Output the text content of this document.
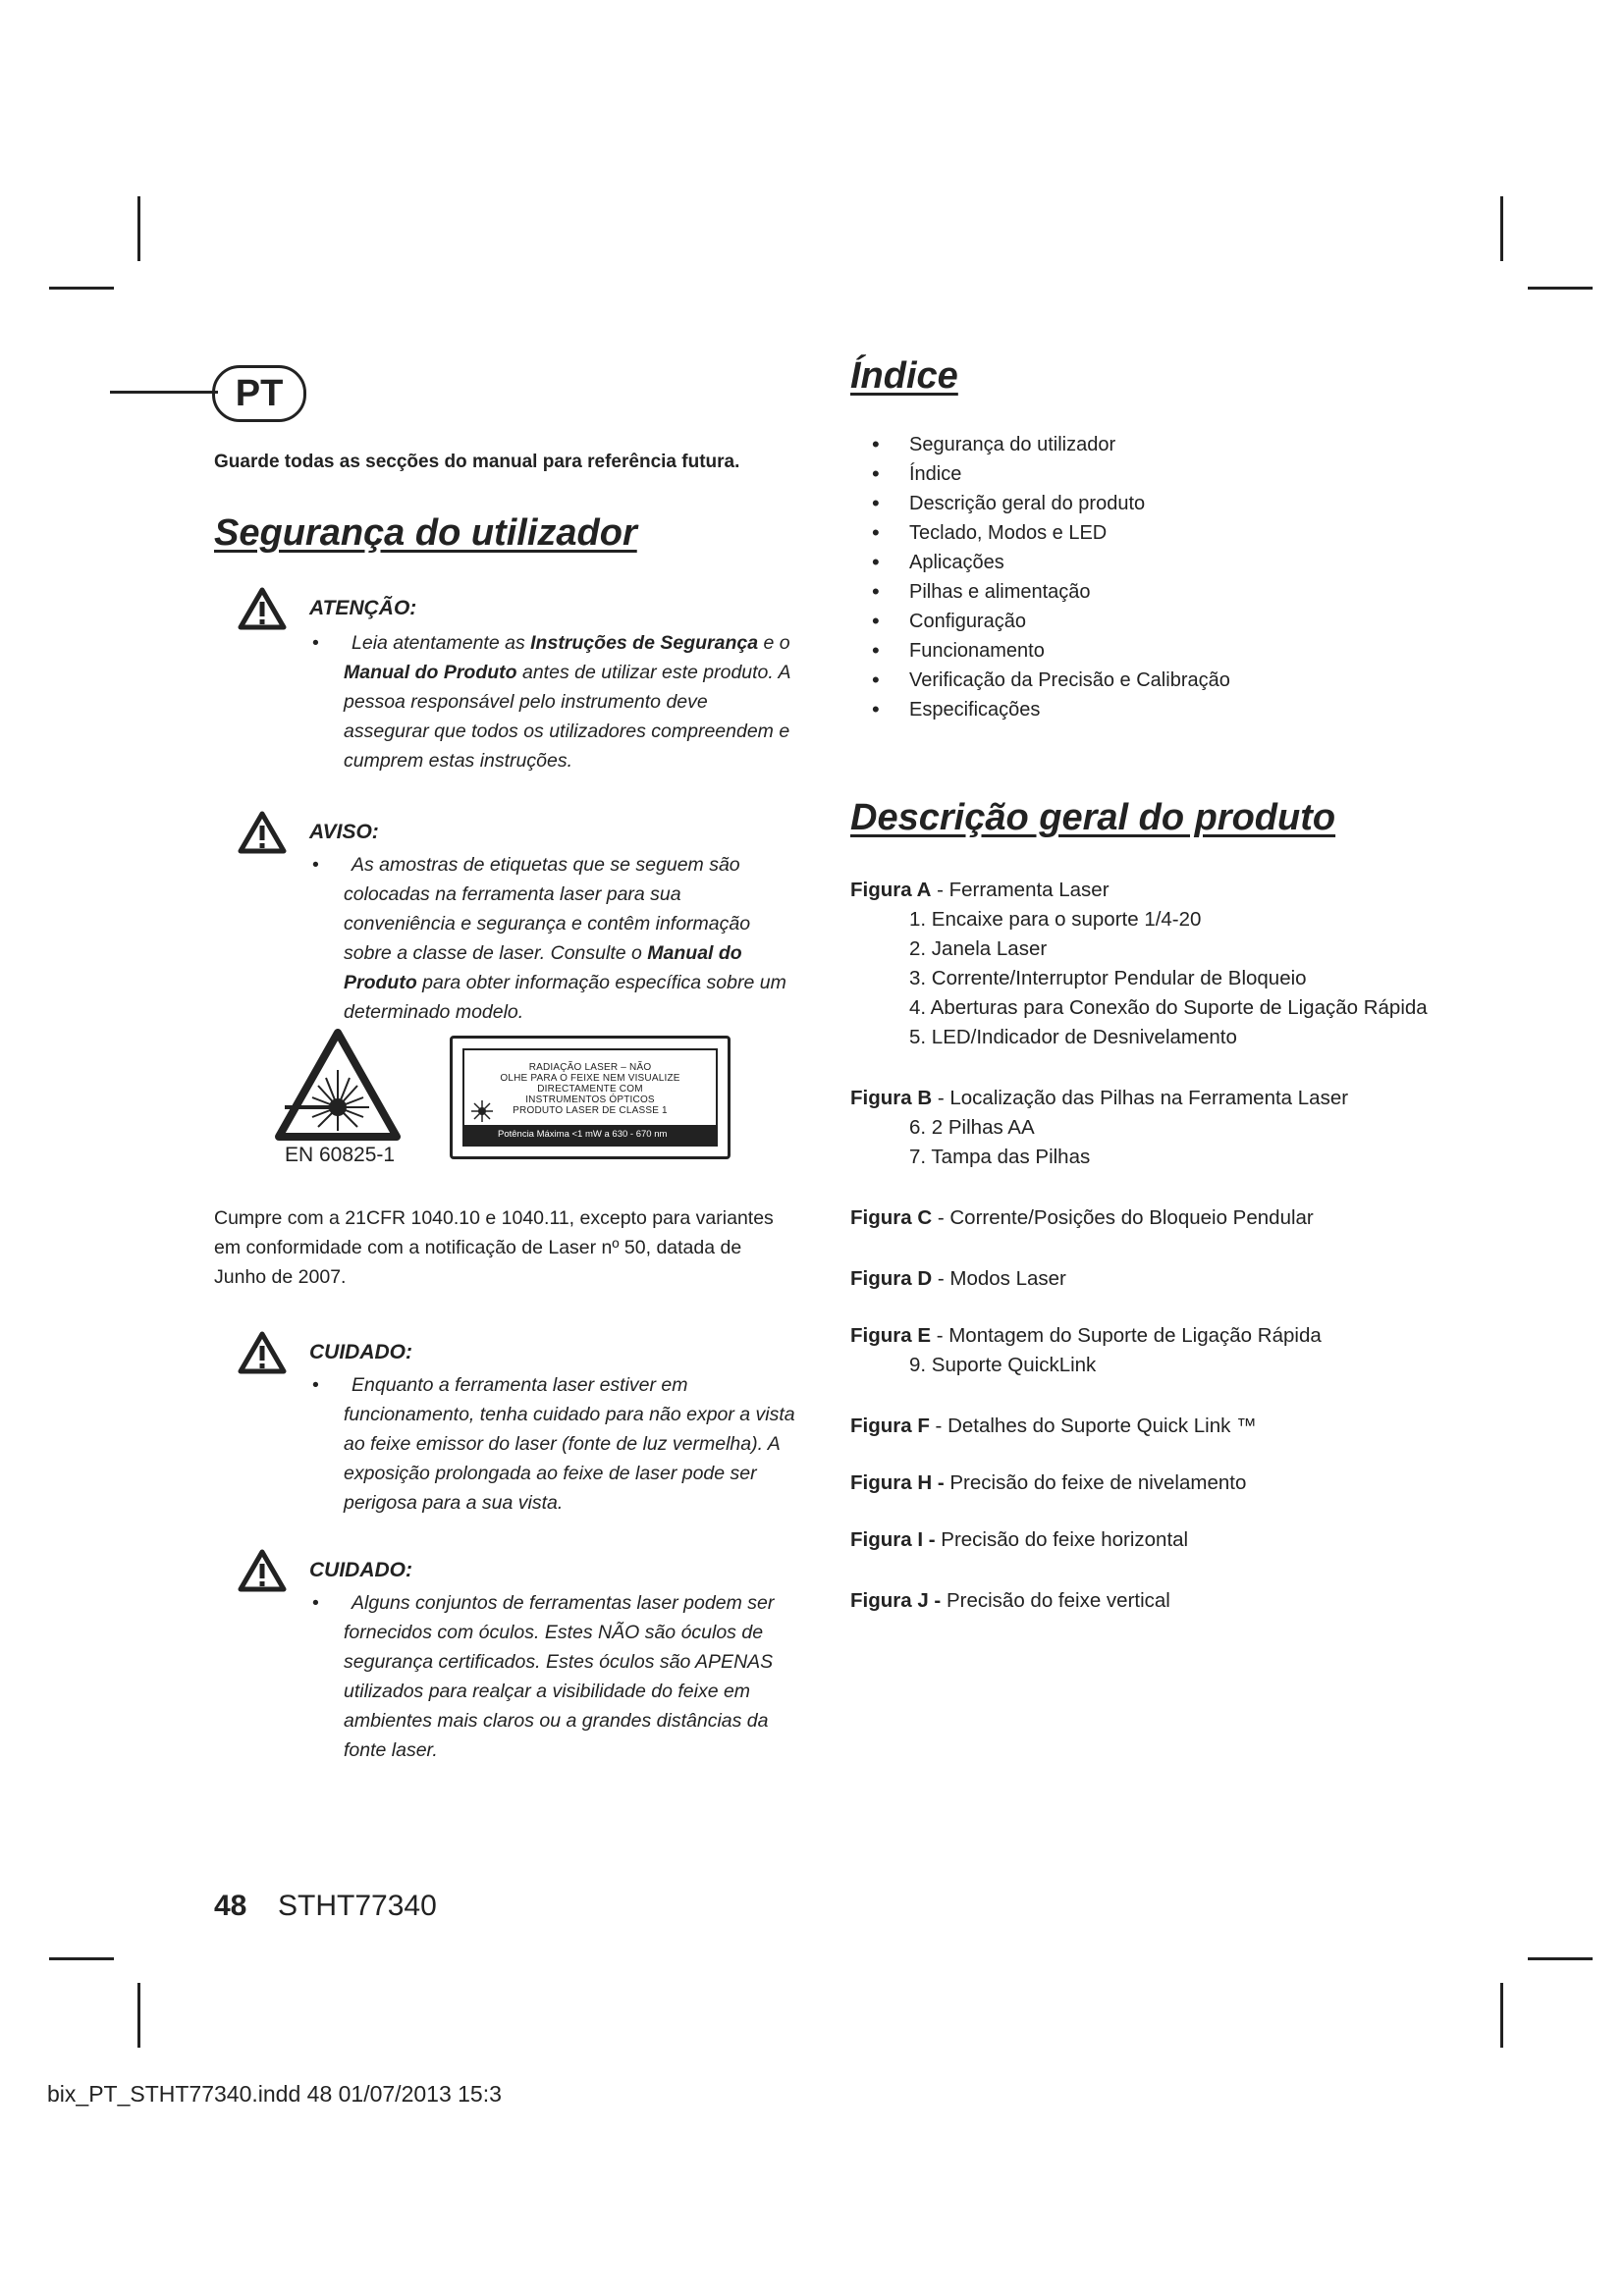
PT
Guarde todas as secções do manual para referência futura.
Segurança do utilizador
ATENÇÃO:
• Leia atentamente as Instruções de Segurança e o Manual do Produto antes de utilizar este produto. A pessoa responsável pelo instrumento deve assegurar que todos os utilizadores compreendem e cumprem estas instruções.
AVISO:
• As amostras de etiquetas que se seguem são colocadas na ferramenta laser para sua conveniência e segurança e contêm informação sobre a classe de laser. Consulte o Manual do Produto para obter informação específica sobre um determinado modelo.
EN 60825-1
RADIAÇÃO LASER – NÃO
OLHE PARA O FEIXE NEM VISUALIZE
DIRECTAMENTE COM
INSTRUMENTOS ÓPTICOS
PRODUTO LASER DE CLASSE 1
Potência Máxima <1 mW a 630 - 670 nm
Cumpre com a 21CFR 1040.10 e 1040.11, excepto para variantes em conformidade com a notificação de Laser nº 50, datada de Junho de 2007.
CUIDADO:
• Enquanto a ferramenta laser estiver em funcionamento, tenha cuidado para não expor a vista ao feixe emissor do laser (fonte de luz vermelha). A exposição prolongada ao feixe de laser pode ser perigosa para a sua vista.
CUIDADO:
• Alguns conjuntos de ferramentas laser podem ser fornecidos com óculos. Estes NÃO são óculos de segurança certificados. Estes óculos são APENAS utilizados para realçar a visibilidade do feixe em ambientes mais claros ou a grandes distâncias da fonte laser.
48 STHT77340
Índice
• Segurança do utilizador
• Índice
• Descrição geral do produto
• Teclado, Modos e LED
• Aplicações
• Pilhas e alimentação
• Configuração
• Funcionamento
• Verificação da Precisão e Calibração
• Especificações
Descrição geral do produto
Figura A - Ferramenta Laser
1. Encaixe para o suporte 1/4-20
2. Janela Laser
3. Corrente/Interruptor Pendular de Bloqueio
4. Aberturas para Conexão do Suporte de Ligação Rápida
5. LED/Indicador de Desnivelamento
Figura B - Localização das Pilhas na Ferramenta Laser
6. 2 Pilhas AA
7. Tampa das Pilhas
Figura C - Corrente/Posições do Bloqueio Pendular
Figura D - Modos Laser
Figura E - Montagem do Suporte de Ligação Rápida
9. Suporte QuickLink
Figura F - Detalhes do Suporte Quick Link ™
Figura H - Precisão do feixe de nivelamento
Figura I - Precisão do feixe horizontal
Figura J - Precisão do feixe vertical
bix_PT_STHT77340.indd 48 01/07/2013 15:3
